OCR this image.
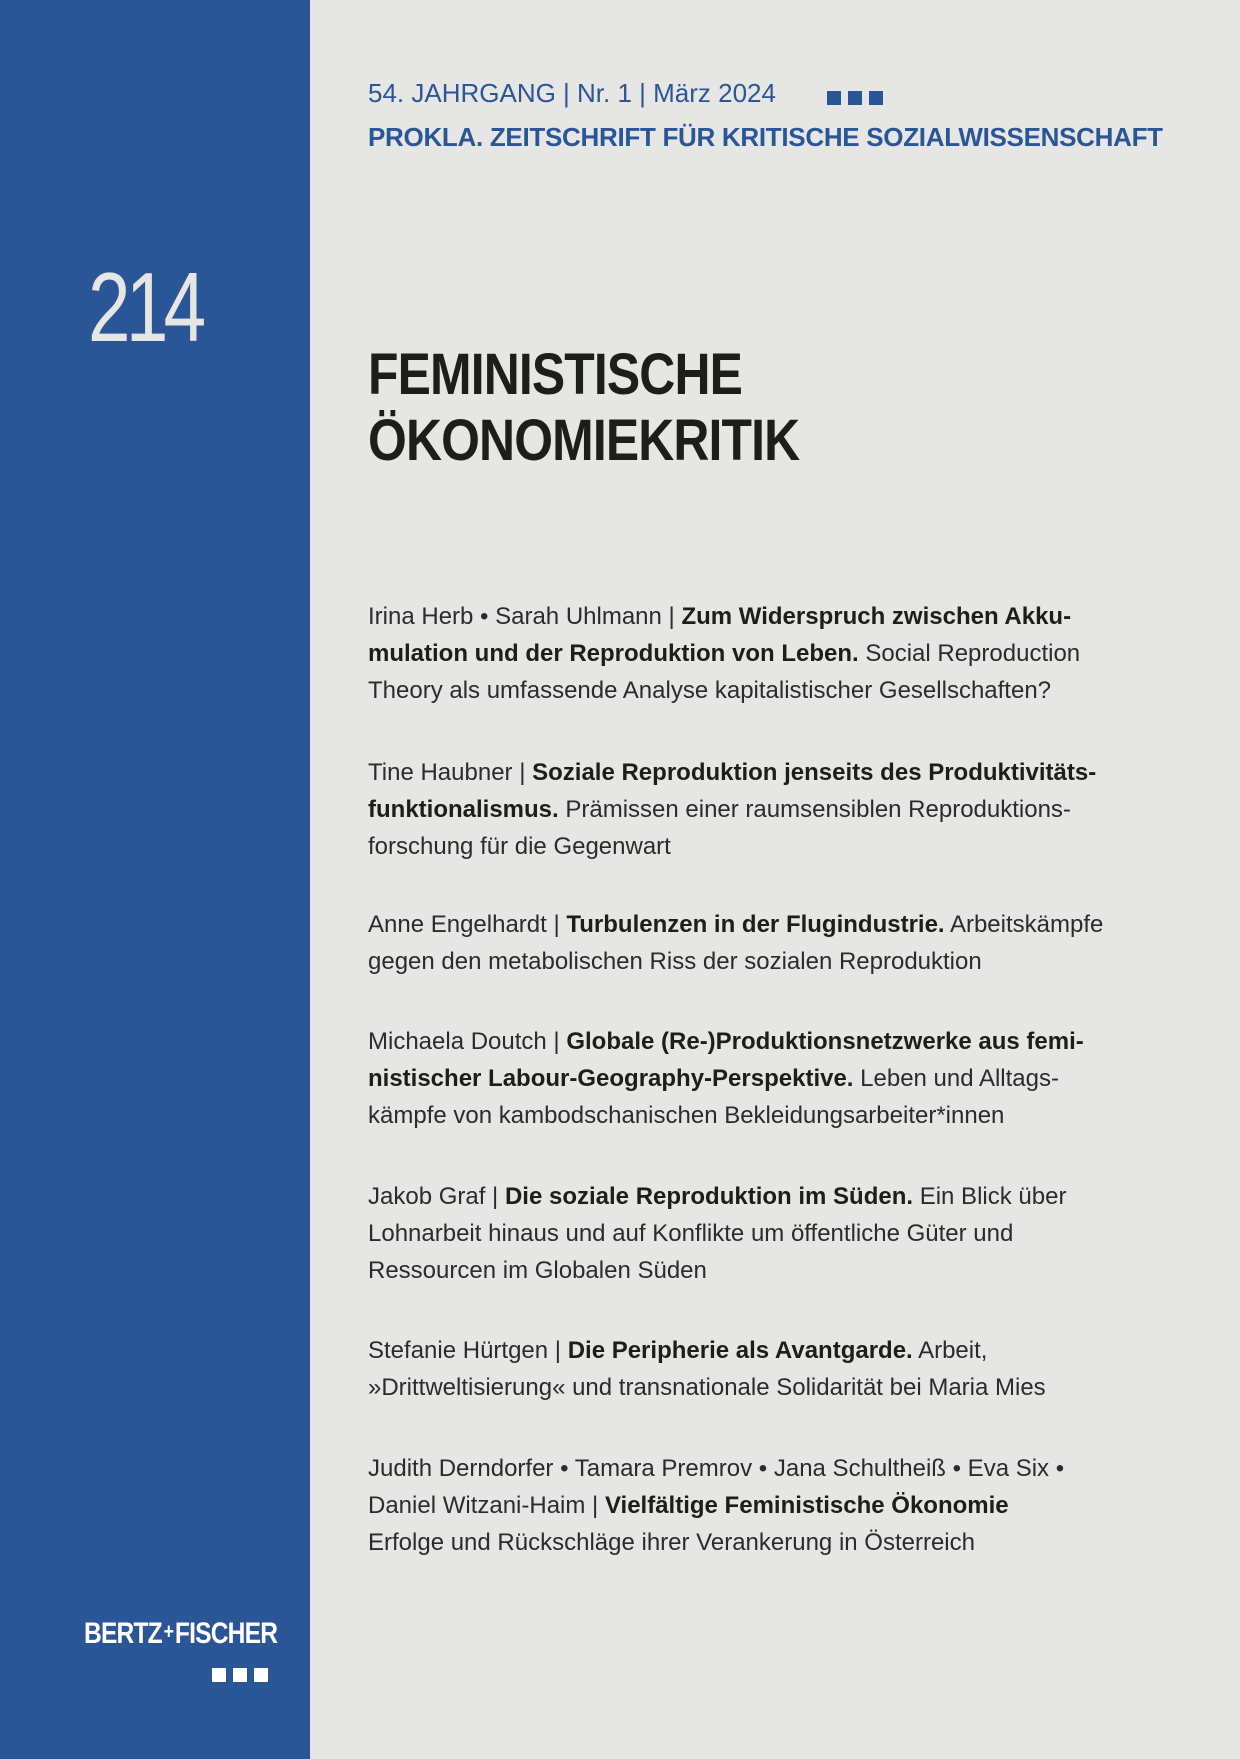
214
BERTZ+FISCHER
54. JAHRGANG | Nr. 1 | März 2024
PROKLA. ZEITSCHRIFT FÜR KRITISCHE SOZIALWISSENSCHAFT
FEMINISTISCHE
ÖKONOMIEKRITIK
Irina Herb • Sarah Uhlmann | Zum Widerspruch zwischen Akku-
mulation und der Reproduktion von Leben. Social Reproduction
Theory als umfassende Analyse kapitalistischer Gesellschaften?
Tine Haubner | Soziale Reproduktion jenseits des Produktivitäts-
funktionalismus. Prämissen einer raumsensiblen Reproduktions-
forschung für die Gegenwart
Anne Engelhardt | Turbulenzen in der Flugindustrie. Arbeitskämpfe
gegen den metabolischen Riss der sozialen Reproduktion
Michaela Doutch | Globale (Re-)Produktionsnetzwerke aus femi-
nistischer Labour-Geography-Perspektive. Leben und Alltags-
kämpfe von kambodschanischen Bekleidungsarbeiter*innen
Jakob Graf | Die soziale Reproduktion im Süden. Ein Blick über
Lohnarbeit hinaus und auf Konflikte um öffentliche Güter und
Ressourcen im Globalen Süden
Stefanie Hürtgen | Die Peripherie als Avantgarde. Arbeit,
»Drittweltisierung« und transnationale Solidarität bei Maria Mies
Judith Derndorfer • Tamara Premrov • Jana Schultheiß • Eva Six •
Daniel Witzani-Haim | Vielfältige Feministische Ökonomie
Erfolge und Rückschläge ihrer Verankerung in Österreich
